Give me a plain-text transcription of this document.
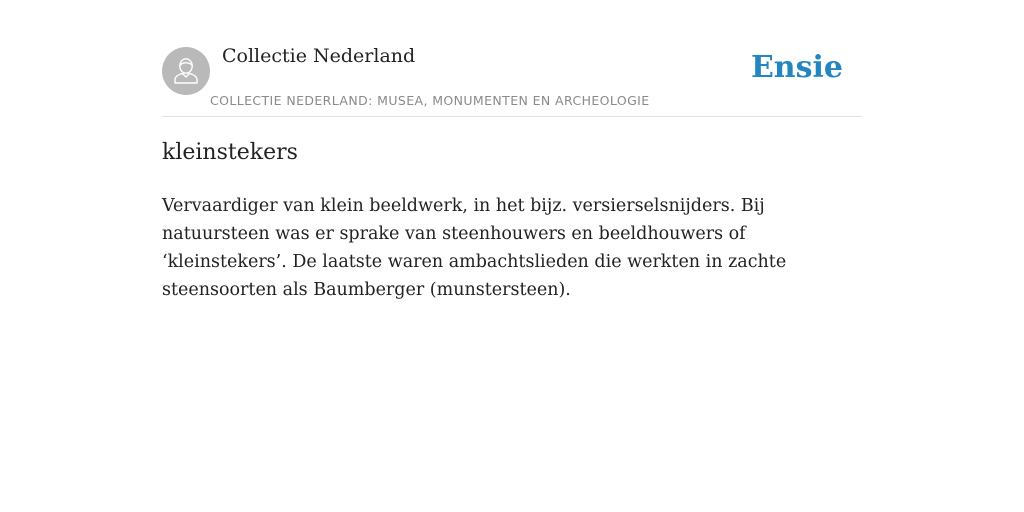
Collectie Nederland
COLLECTIE NEDERLAND: MUSEA, MONUMENTEN EN ARCHEOLOGIE
Ensie
kleinstekers

Vervaardiger van klein beeldwerk, in het bijz. versierselsnijders. Bij natuursteen was er sprake van steenhouwers en beeldhouwers of ‘kleinstekers’. De laatste waren ambachtslieden die werkten in zachte steensoorten als Baumberger (munstersteen).
